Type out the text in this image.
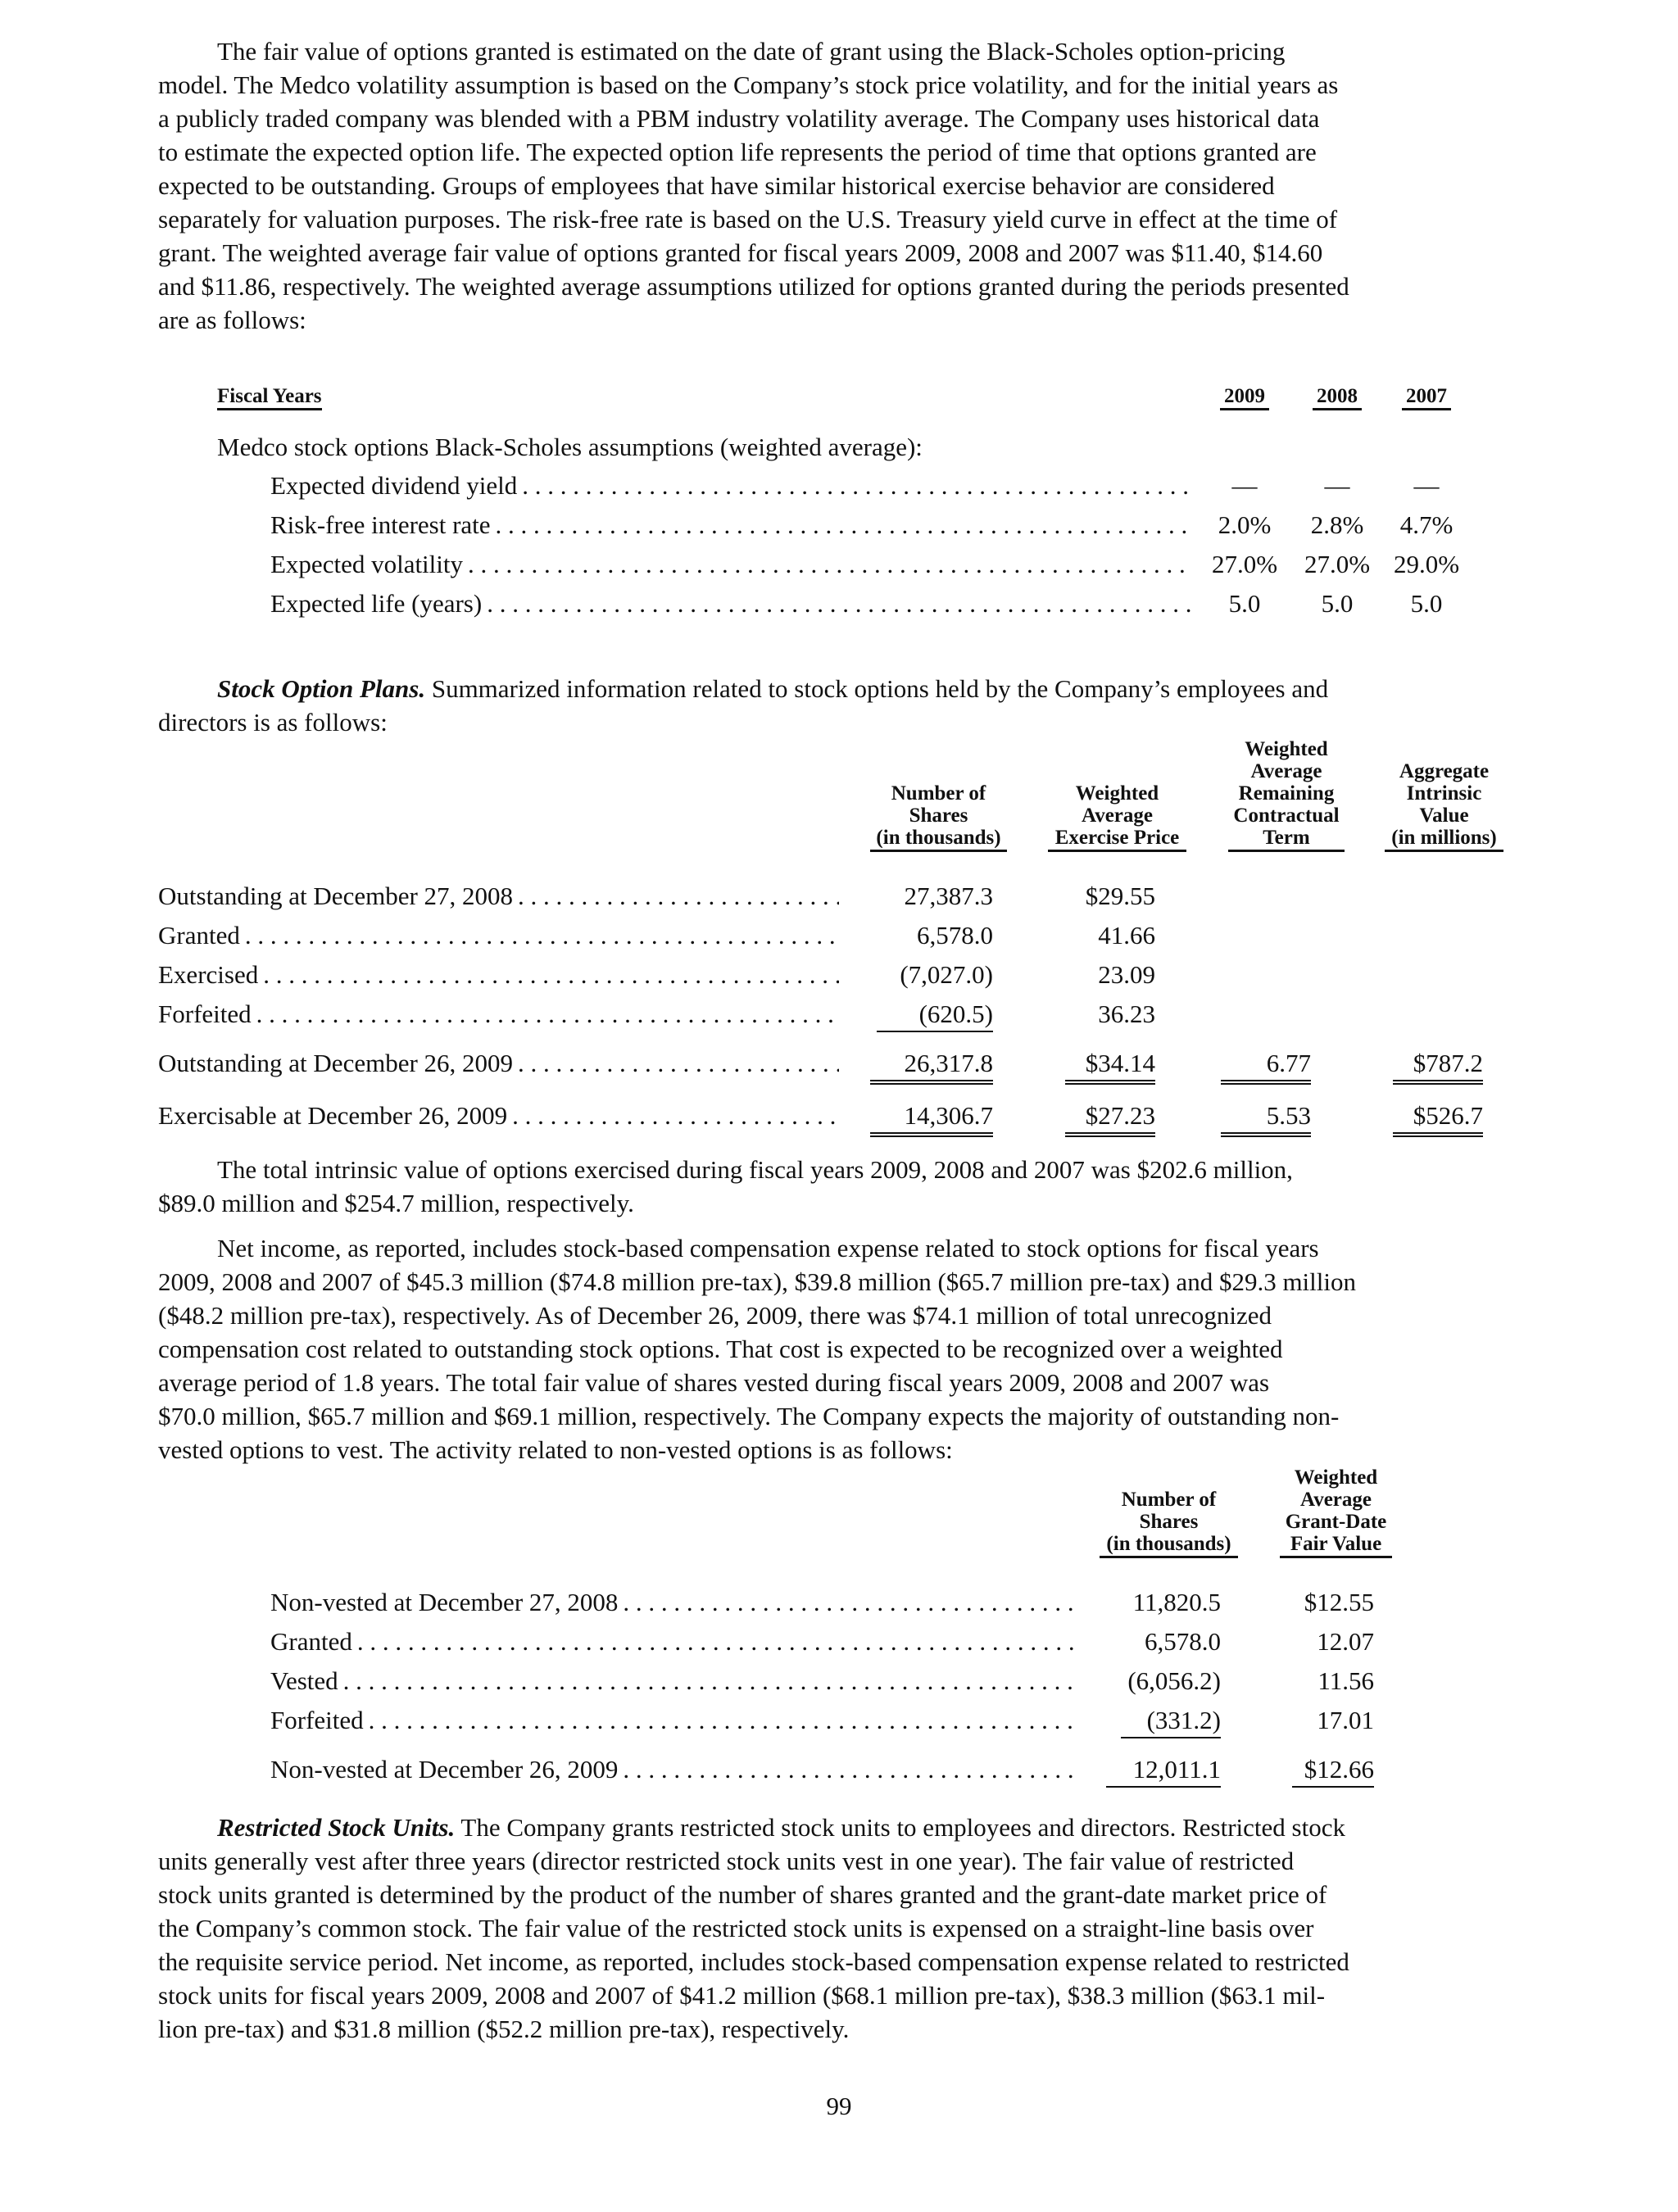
The fair value of options granted is estimated on the date of grant using the Black-Scholes option-pricing
model. The Medco volatility assumption is based on the Company’s stock price volatility, and for the initial years as
a publicly traded company was blended with a PBM industry volatility average. The Company uses historical data
to estimate the expected option life. The expected option life represents the period of time that options granted are
expected to be outstanding. Groups of employees that have similar historical exercise behavior are considered
separately for valuation purposes. The risk-free rate is based on the U.S. Treasury yield curve in effect at the time of
grant. The weighted average fair value of options granted for fiscal years 2009, 2008 and 2007 was $11.40, $14.60
and $11.86, respectively. The weighted average assumptions utilized for options granted during the periods presented
are as follows:
Stock Option Plans. Summarized information related to stock options held by the Company’s employees and
directors is as follows:
The total intrinsic value of options exercised during fiscal years 2009, 2008 and 2007 was $202.6 million,
$89.0 million and $254.7 million, respectively.
Net income, as reported, includes stock-based compensation expense related to stock options for fiscal years
2009, 2008 and 2007 of $45.3 million ($74.8 million pre-tax), $39.8 million ($65.7 million pre-tax) and $29.3 million
($48.2 million pre-tax), respectively. As of December 26, 2009, there was $74.1 million of total unrecognized
compensation cost related to outstanding stock options. That cost is expected to be recognized over a weighted
average period of 1.8 years. The total fair value of shares vested during fiscal years 2009, 2008 and 2007 was
$70.0 million, $65.7 million and $69.1 million, respectively. The Company expects the majority of outstanding non-
vested options to vest. The activity related to non-vested options is as follows:
Restricted Stock Units. The Company grants restricted stock units to employees and directors. Restricted stock
units generally vest after three years (director restricted stock units vest in one year). The fair value of restricted
stock units granted is determined by the product of the number of shares granted and the grant-date market price of
the Company’s common stock. The fair value of the restricted stock units is expensed on a straight-line basis over
the requisite service period. Net income, as reported, includes stock-based compensation expense related to restricted
stock units for fiscal years 2009, 2008 and 2007 of $41.2 million ($68.1 million pre-tax), $38.3 million ($63.1 mil-
lion pre-tax) and $31.8 million ($52.2 million pre-tax), respectively.
Fiscal Years	2009	2008 2007
Medco stock options Black-Scholes assumptions (weighted average):
Expected dividend yield . . .	—	—	—
Risk-free interest rate . . .	2.0%	2.8%	4.7%
Expected volatility . . .	27.0%	27.0% 29.0%
Expected life (years) . . .	5.0	5.0	5.0
Number of
Shares
(in thousands)
Weighted
Average
Exercise Price
Weighted
Average
Remaining
Contractual
Term
Aggregate
Intrinsic
Value
(in millions)
Outstanding at December 27, 2008 . . .	27,387.3	$29.55
Granted . . .	6,578.0	41.66
Exercised . . .	(7,027.0)	23.09
Forfeited . . .	(620.5)	36.23
Outstanding at December 26, 2009 . . .	26,317.8	$34.14	6.77	$787.2
Exercisable at December 26, 2009 . . .	14,306.7	$27.23	5.53	$526.7
Number of
Shares
(in thousands)
Weighted
Average
Grant-Date
Fair Value
Non-vested at December 27, 2008 . . .	11,820.5	$12.55
Granted . . .	6,578.0	12.07
Vested . . .	(6,056.2)	11.56
Forfeited . . .	(331.2)	17.01
Non-vested at December 26, 2009 . . .	12,011.1	$12.66
99
